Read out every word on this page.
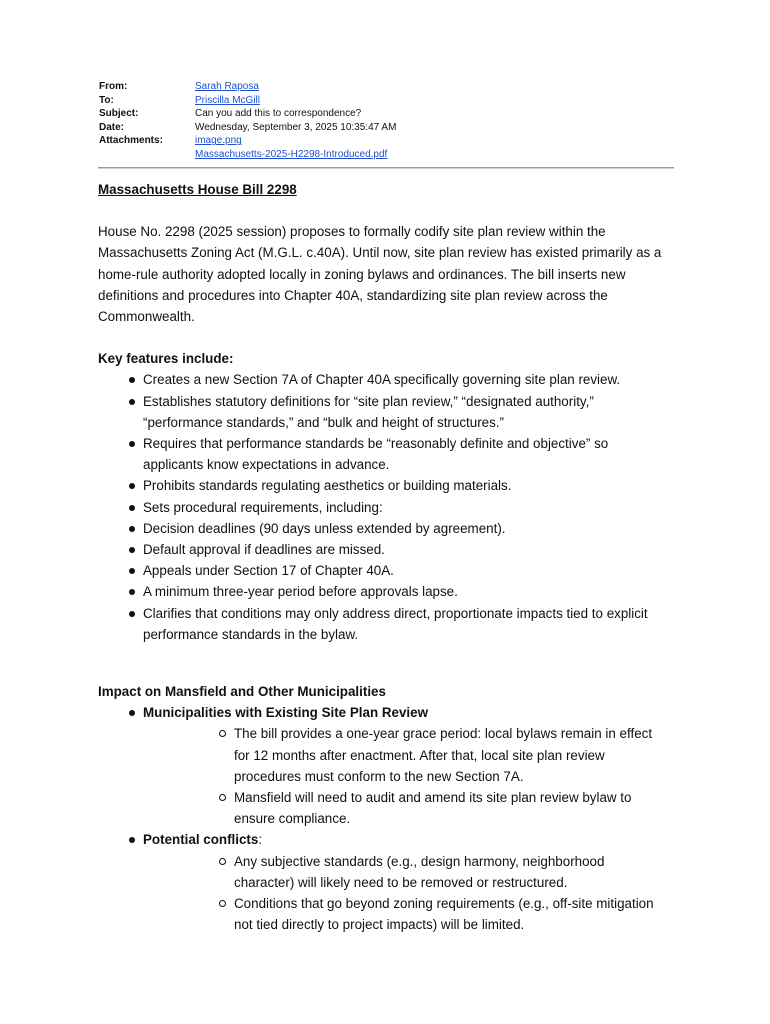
From:	Sarah Raposa
To:	Priscilla McGill
Subject:	Can you add this to correspondence?
Date:	Wednesday, September 3, 2025 10:35:47 AM
Attachments:	image.png
Massachusetts-2025-H2298-Introduced.pdf

Massachusetts House Bill 2298

House No. 2298 (2025 session) proposes to formally codify site plan review within the
Massachusetts Zoning Act (M.G.L. c.40A). Until now, site plan review has existed primarily as a
home-rule authority adopted locally in zoning bylaws and ordinances. The bill inserts new
definitions and procedures into Chapter 40A, standardizing site plan review across the
Commonwealth.

Key features include:

Creates a new Section 7A of Chapter 40A specifically governing site plan review.
Establishes statutory definitions for “site plan review,” “designated authority,”
“performance standards,” and “bulk and height of structures.”
Requires that performance standards be “reasonably definite and objective” so
applicants know expectations in advance.
Prohibits standards regulating aesthetics or building materials.
Sets procedural requirements, including:
Decision deadlines (90 days unless extended by agreement).
Default approval if deadlines are missed.
Appeals under Section 17 of Chapter 40A.
A minimum three-year period before approvals lapse.
Clarifies that conditions may only address direct, proportionate impacts tied to explicit
performance standards in the bylaw.

Impact on Mansfield and Other Municipalities

Municipalities with Existing Site Plan Review
The bill provides a one-year grace period: local bylaws remain in effect
for 12 months after enactment. After that, local site plan review
procedures must conform to the new Section 7A.
Mansfield will need to audit and amend its site plan review bylaw to
ensure compliance.
Potential conflicts:
Any subjective standards (e.g., design harmony, neighborhood
character) will likely need to be removed or restructured.
Conditions that go beyond zoning requirements (e.g., off-site mitigation
not tied directly to project impacts) will be limited.
